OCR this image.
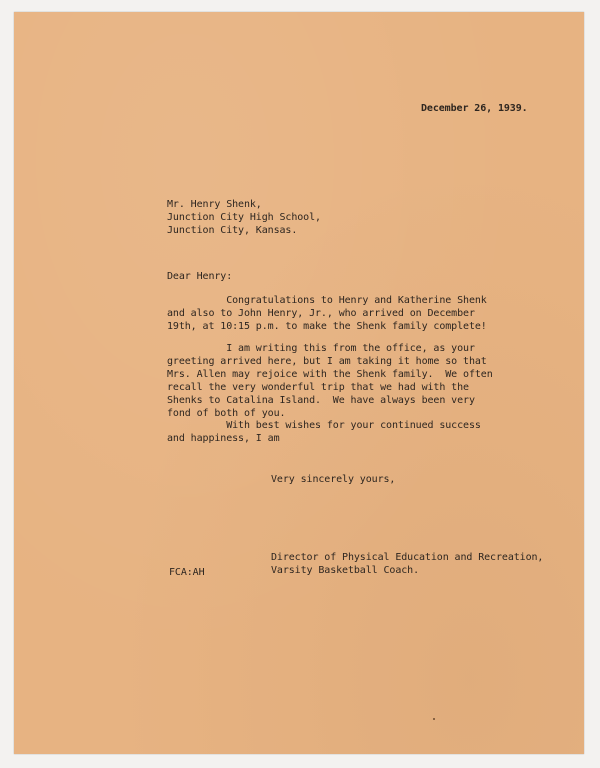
December 26, 1939.
Mr. Henry Shenk,
Junction City High School,
Junction City, Kansas.
Dear Henry:
Congratulations to Henry and Katherine Shenk
and also to John Henry, Jr., who arrived on December
19th, at 10:15 p.m. to make the Shenk family complete!
I am writing this from the office, as your
greeting arrived here, but I am taking it home so that
Mrs. Allen may rejoice with the Shenk family.  We often
recall the very wonderful trip that we had with the
Shenks to Catalina Island.  We have always been very
fond of both of you.
With best wishes for your continued success
and happiness, I am
Very sincerely yours,
Director of Physical Education and Recreation,
Varsity Basketball Coach.
FCA:AH
